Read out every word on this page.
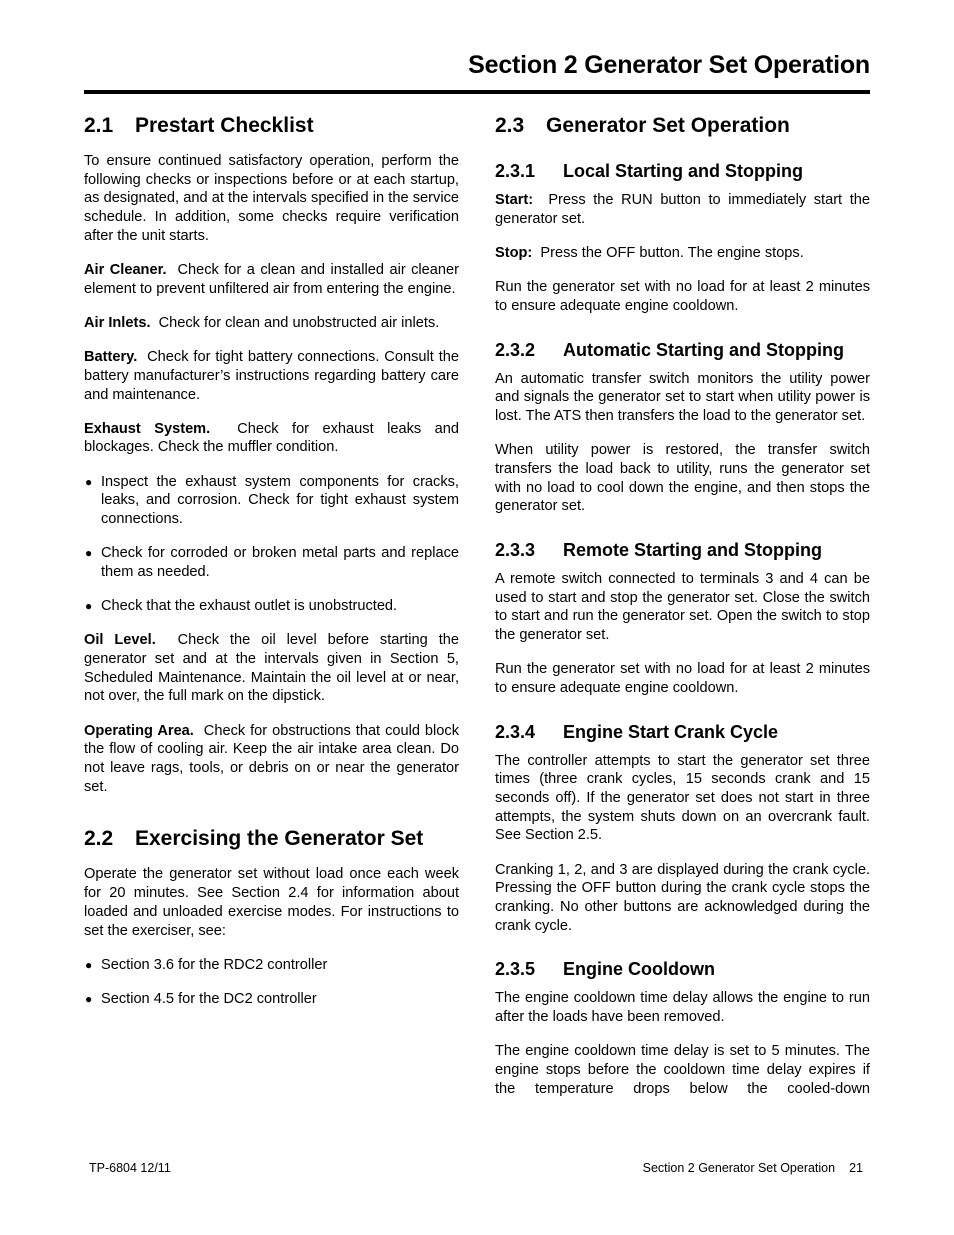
Section 2 Generator Set Operation
2.1 Prestart Checklist

To ensure continued satisfactory operation, perform the following checks or inspections before or at each startup, as designated, and at the intervals specified in the service schedule. In addition, some checks require verification after the unit starts.

Air Cleaner. Check for a clean and installed air cleaner element to prevent unfiltered air from entering the engine.

Air Inlets. Check for clean and unobstructed air inlets.

Battery. Check for tight battery connections. Consult the battery manufacturer’s instructions regarding battery care and maintenance.

Exhaust System. Check for exhaust leaks and blockages. Check the muffler condition.

● Inspect the exhaust system components for cracks, leaks, and corrosion. Check for tight exhaust system connections.
● Check for corroded or broken metal parts and replace them as needed.
● Check that the exhaust outlet is unobstructed.

Oil Level. Check the oil level before starting the generator set and at the intervals given in Section 5, Scheduled Maintenance. Maintain the oil level at or near, not over, the full mark on the dipstick.

Operating Area. Check for obstructions that could block the flow of cooling air. Keep the air intake area clean. Do not leave rags, tools, or debris on or near the generator set.

2.2 Exercising the Generator Set

Operate the generator set without load once each week for 20 minutes. See Section 2.4 for information about loaded and unloaded exercise modes. For instructions to set the exerciser, see:

● Section 3.6 for the RDC2 controller
● Section 4.5 for the DC2 controller
2.3 Generator Set Operation
2.3.1 Local Starting and Stopping

Start: Press the RUN button to immediately start the generator set.

Stop: Press the OFF button. The engine stops.

Run the generator set with no load for at least 2 minutes to ensure adequate engine cooldown.

2.3.2 Automatic Starting and Stopping

An automatic transfer switch monitors the utility power and signals the generator set to start when utility power is lost. The ATS then transfers the load to the generator set.

When utility power is restored, the transfer switch transfers the load back to utility, runs the generator set with no load to cool down the engine, and then stops the generator set.

2.3.3 Remote Starting and Stopping

A remote switch connected to terminals 3 and 4 can be used to start and stop the generator set. Close the switch to start and run the generator set. Open the switch to stop the generator set.

Run the generator set with no load for at least 2 minutes to ensure adequate engine cooldown.

2.3.4 Engine Start Crank Cycle

The controller attempts to start the generator set three times (three crank cycles, 15 seconds crank and 15 seconds off). If the generator set does not start in three attempts, the system shuts down on an overcrank fault. See Section 2.5.

Cranking 1, 2, and 3 are displayed during the crank cycle. Pressing the OFF button during the crank cycle stops the cranking. No other buttons are acknowledged during the crank cycle.

2.3.5 Engine Cooldown

The engine cooldown time delay allows the engine to run after the loads have been removed.

The engine cooldown time delay is set to 5 minutes. The engine stops before the cooldown time delay expires if the temperature drops below the cooled-down

TP-6804 12/11	Section 2 Generator Set Operation 21
